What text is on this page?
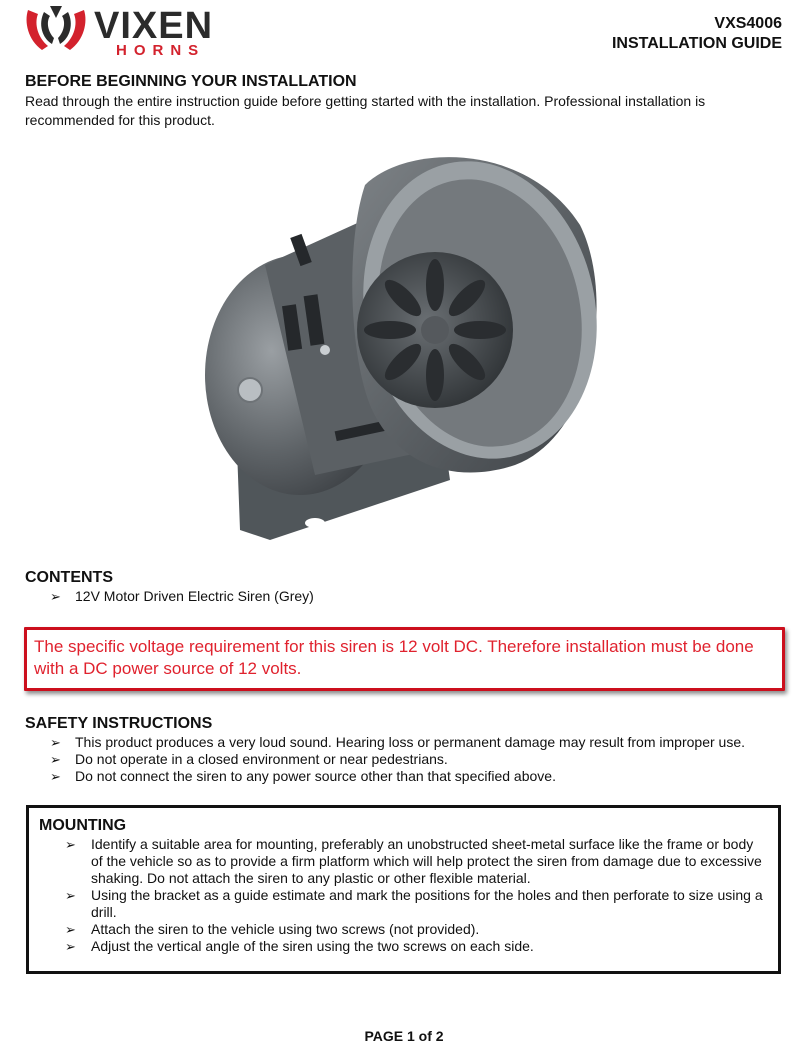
VIXEN
HORNS
VXS4006
INSTALLATION GUIDE
BEFORE BEGINNING YOUR INSTALLATION

Read through the entire instruction guide before getting started with the installation. Professional installation is recommended for this product.

CONTENTS
➢ 12V Motor Driven Electric Siren (Grey)
The specific voltage requirement for this siren is 12 volt DC. Therefore installation must be done with a DC power source of 12 volts.
SAFETY INSTRUCTIONS
➢ This product produces a very loud sound. Hearing loss or permanent damage may result from improper use.
➢ Do not operate in a closed environment or near pedestrians.
➢ Do not connect the siren to any power source other than that specified above.
MOUNTING
➢ Identify a suitable area for mounting, preferably an unobstructed sheet-metal surface like the frame or body of the vehicle so as to provide a firm platform which will help protect the siren from damage due to excessive shaking. Do not attach the siren to any plastic or other flexible material.
➢ Using the bracket as a guide estimate and mark the positions for the holes and then perforate to size using a drill.
➢ Attach the siren to the vehicle using two screws (not provided).
➢ Adjust the vertical angle of the siren using the two screws on each side.
PAGE 1 of 2
